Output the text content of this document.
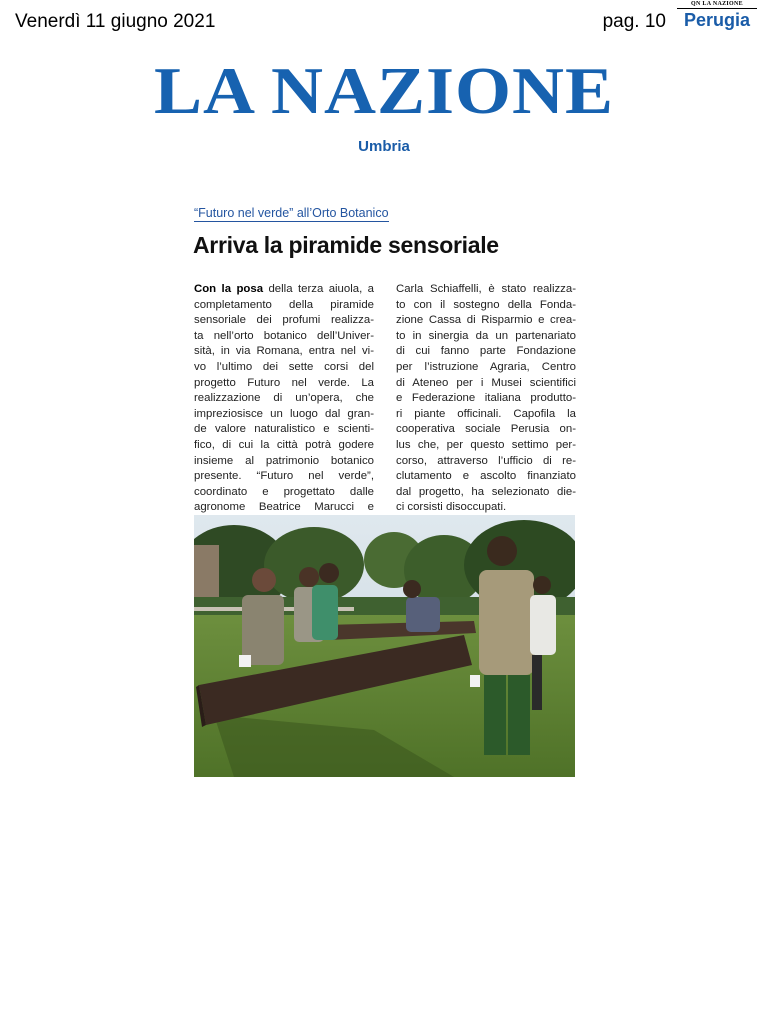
Venerdì 11 giugno 2021	pag. 10
QN LA NAZIONE
Perugia
LA NAZIONE
Umbria
“Futuro nel verde” all’Orto Botanico
Arriva la piramide sensoriale
Con la posa della terza aiuola, a
completamento della piramide
sensoriale dei profumi realizza-
ta nell’orto botanico dell’Univer-
sità, in via Romana, entra nel vi-
vo l’ultimo dei sette corsi del
progetto Futuro nel verde. La
realizzazione di un’opera, che
impreziosisce un luogo dal gran-
de valore naturalistico e scienti-
fico, di cui la città potrà godere
insieme al patrimonio botanico
presente. “Futuro nel verde”,
coordinato e progettato dalle
agronome Beatrice Marucci e
Carla Schiaffelli, è stato realizza-
to con il sostegno della Fonda-
zione Cassa di Risparmio e crea-
to in sinergia da un partenariato
di cui fanno parte Fondazione
per l’istruzione Agraria, Centro
di Ateneo per i Musei scientifici
e Federazione italiana produtto-
ri piante officinali. Capofila la
cooperativa sociale Perusia on-
lus che, per questo settimo per-
corso, attraverso l’ufficio di re-
clutamento e ascolto finanziato
dal progetto, ha selezionato die-
ci corsisti disoccupati.
